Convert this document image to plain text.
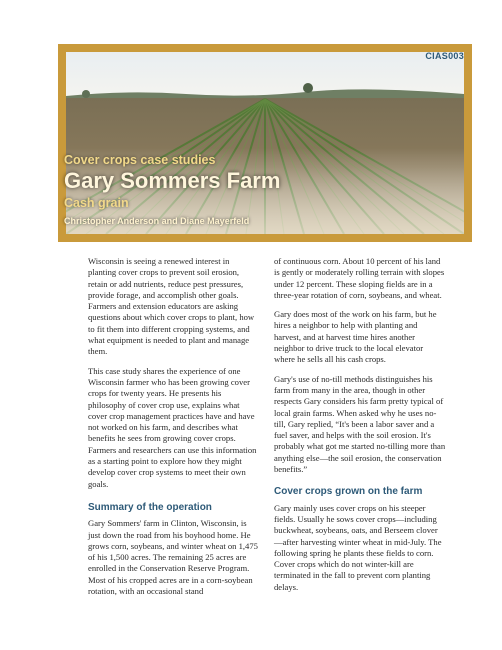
CIAS003
Cover crops case studies
Gary Sommers Farm
Cash grain
Christopher Anderson and Diane Mayerfeld

Wisconsin is seeing a renewed interest in planting cover crops to prevent soil erosion, retain or add nutrients, reduce pest pressures, provide forage, and accomplish other goals. Farmers and extension educators are asking questions about which cover crops to plant, how to fit them into different cropping systems, and what equipment is needed to plant and manage them.

This case study shares the experience of one Wisconsin farmer who has been growing cover crops for twenty years. He presents his philosophy of cover crop use, explains what cover crop management practices have and have not worked on his farm, and describes what benefits he sees from growing cover crops. Farmers and researchers can use this information as a starting point to explore how they might develop cover crop systems to meet their own goals.

Summary of the operation

Gary Sommers' farm in Clinton, Wisconsin, is just down the road from his boyhood home. He grows corn, soybeans, and winter wheat on 1,475 of his 1,500 acres. The remaining 25 acres are enrolled in the Conservation Reserve Program. Most of his cropped acres are in a corn-soybean rotation, with an occasional stand

of continuous corn. About 10 percent of his land is gently or moderately rolling terrain with slopes under 12 percent. These sloping fields are in a three-year rotation of corn, soybeans, and wheat.

Gary does most of the work on his farm, but he hires a neighbor to help with planting and harvest, and at harvest time hires another neighbor to drive truck to the local elevator where he sells all his cash crops.

Gary's use of no-till methods distinguishes his farm from many in the area, though in other respects Gary considers his farm pretty typical of local grain farms. When asked why he uses no-till, Gary replied, “It's been a labor saver and a fuel saver, and helps with the soil erosion. It's probably what got me started no-tilling more than anything else—the soil erosion, the conservation benefits.”

Cover crops grown on the farm

Gary mainly uses cover crops on his steeper fields. Usually he sows cover crops—including buckwheat, soybeans, oats, and Berseem clover—after harvesting winter wheat in mid-July. The following spring he plants these fields to corn. Cover crops which do not winter-kill are terminated in the fall to prevent corn planting delays.
